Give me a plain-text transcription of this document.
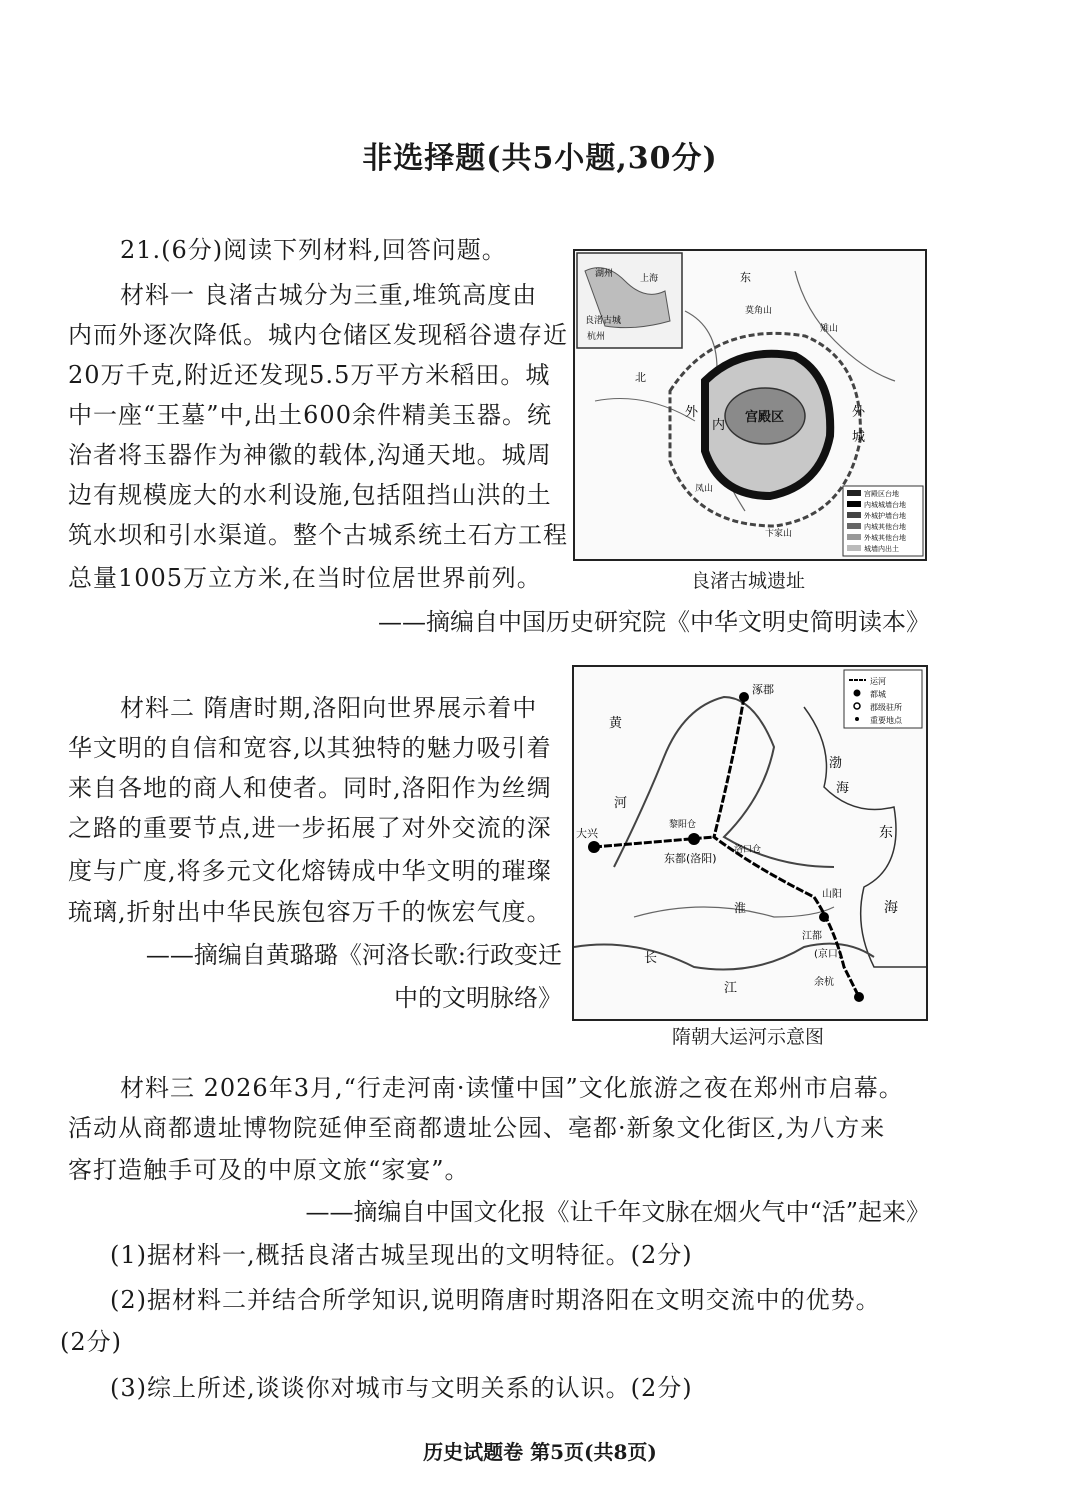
非选择题(共5小题,30分)
21.(6分)阅读下列材料,回答问题。
材料一 良渚古城分为三重,堆筑高度由
内而外逐次降低。城内仓储区发现稻谷遗存近
20万千克,附近还发现5.5万平方米稻田。城
中一座“王墓”中,出土600余件精美玉器。统
治者将玉器作为神徽的载体,沟通天地。城周
边有规模庞大的水利设施,包括阻挡山洪的土
筑水坝和引水渠道。整个古城系统土石方工程
总量1005万立方米,在当时位居世界前列。
——摘编自中国历史研究院《中华文明史简明读本》
湖州	上海
良渚古城
杭州
宫殿区
内
外	外
城
东
北
雉山
莫角山
卞家山
凤山	宫殿区台地
内城城墙台地
外城护墙台地
内城其他台地
外城其他台地
城墙内出土
良渚古城遗址
材料二 隋唐时期,洛阳向世界展示着中
华文明的自信和宽容,以其独特的魅力吸引着
来自各地的商人和使者。同时,洛阳作为丝绸
之路的重要节点,进一步拓展了对外交流的深
度与广度,将多元文化熔铸成中华文明的璀璨
琉璃,折射出中华民族包容万千的恢宏气度。
——摘编自黄璐璐《河洛长歌:行政变迁
中的文明脉络》
涿郡
大兴
东都(洛阳)
江都
(京口)
余杭
山阳
黎阳仓
洛口仓
黄
河
渤
海
东
海
长
江
淮
运河
都城
郡级驻所
重要地点
隋朝大运河示意图
材料三 2026年3月,“行走河南·读懂中国”文化旅游之夜在郑州市启幕。
活动从商都遗址博物院延伸至商都遗址公园、亳都·新象文化街区,为八方来
客打造触手可及的中原文旅“家宴”。
——摘编自中国文化报《让千年文脉在烟火气中“活”起来》
(1)据材料一,概括良渚古城呈现出的文明特征。(2分)
(2)据材料二并结合所学知识,说明隋唐时期洛阳在文明交流中的优势。
(2分)
(3)综上所述,谈谈你对城市与文明关系的认识。(2分)
历史试题卷 第5页(共8页)
